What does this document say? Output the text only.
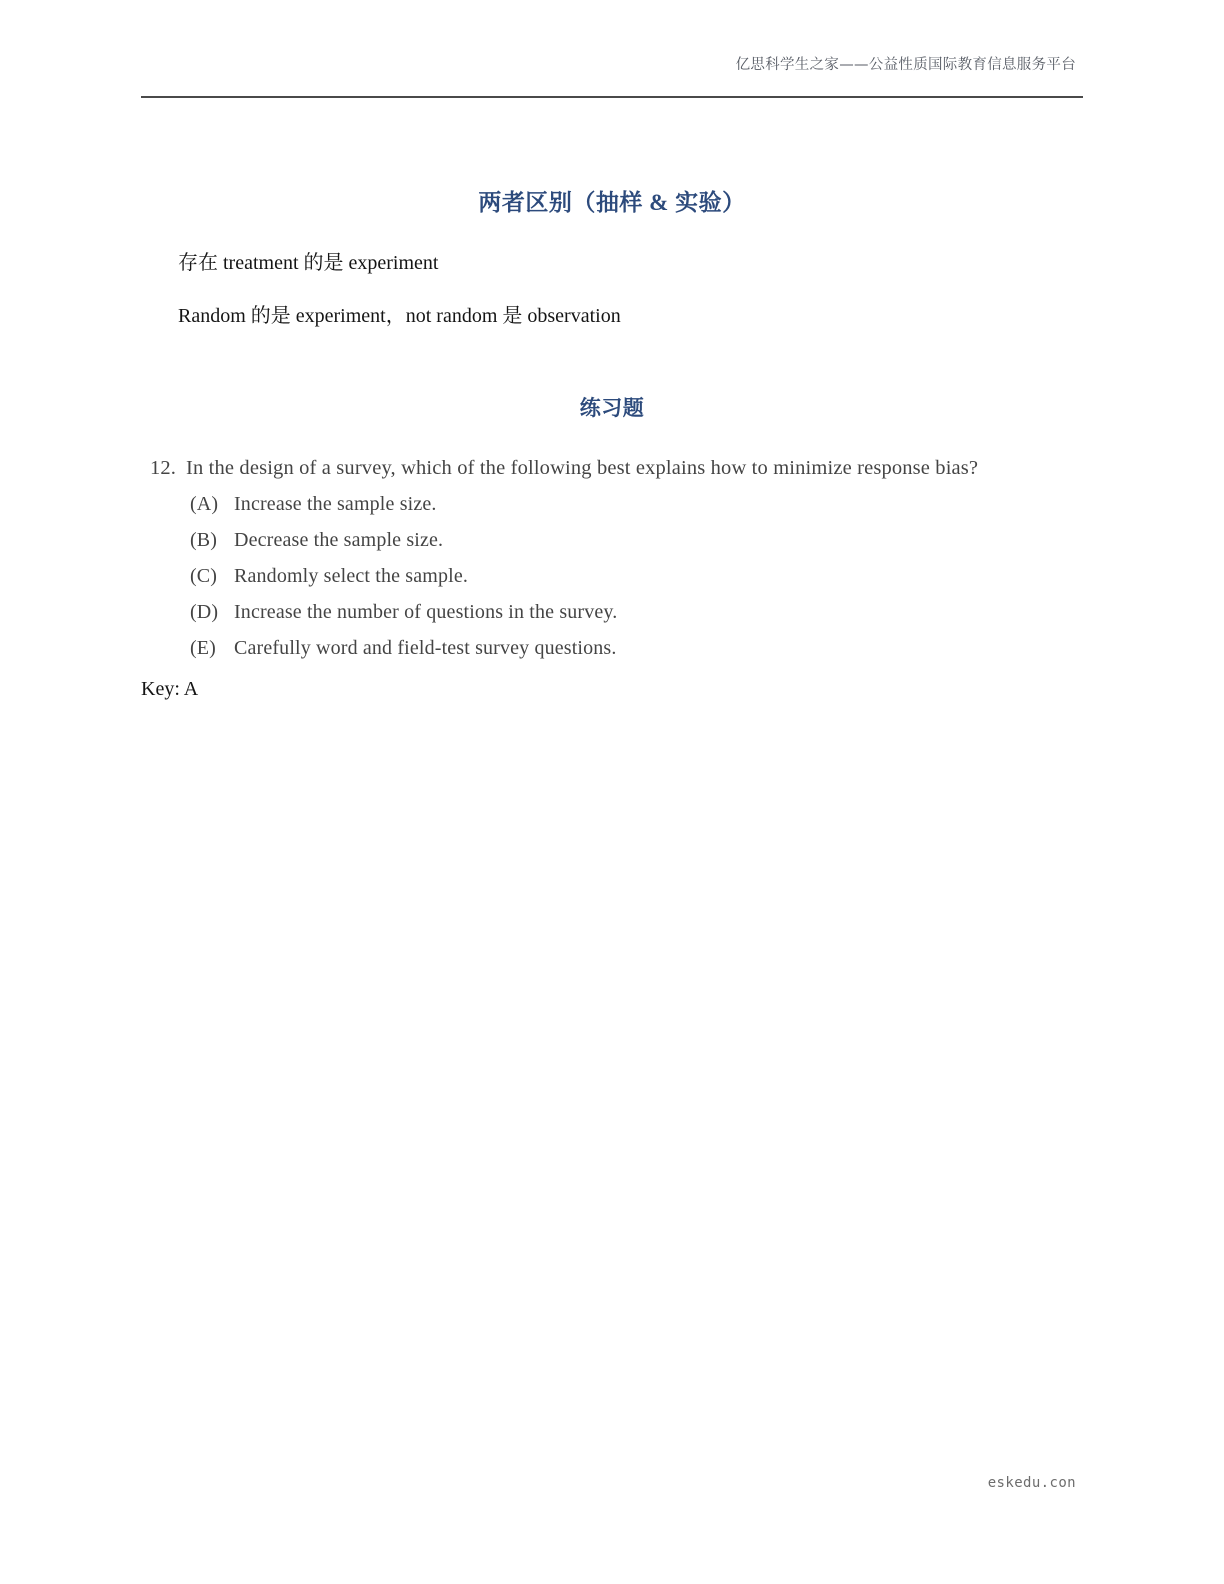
亿思科学生之家——公益性质国际教育信息服务平台
两者区别（抽样 & 实验）
存在 treatment 的是 experiment
Random 的是 experiment，not random 是 observation
练习题
12. In the design of a survey, which of the following best explains how to minimize response bias?
(A) Increase the sample size.
(B) Decrease the sample size.
(C) Randomly select the sample.
(D) Increase the number of questions in the survey.
(E) Carefully word and field-test survey questions.
Key: A
eskedu.con
